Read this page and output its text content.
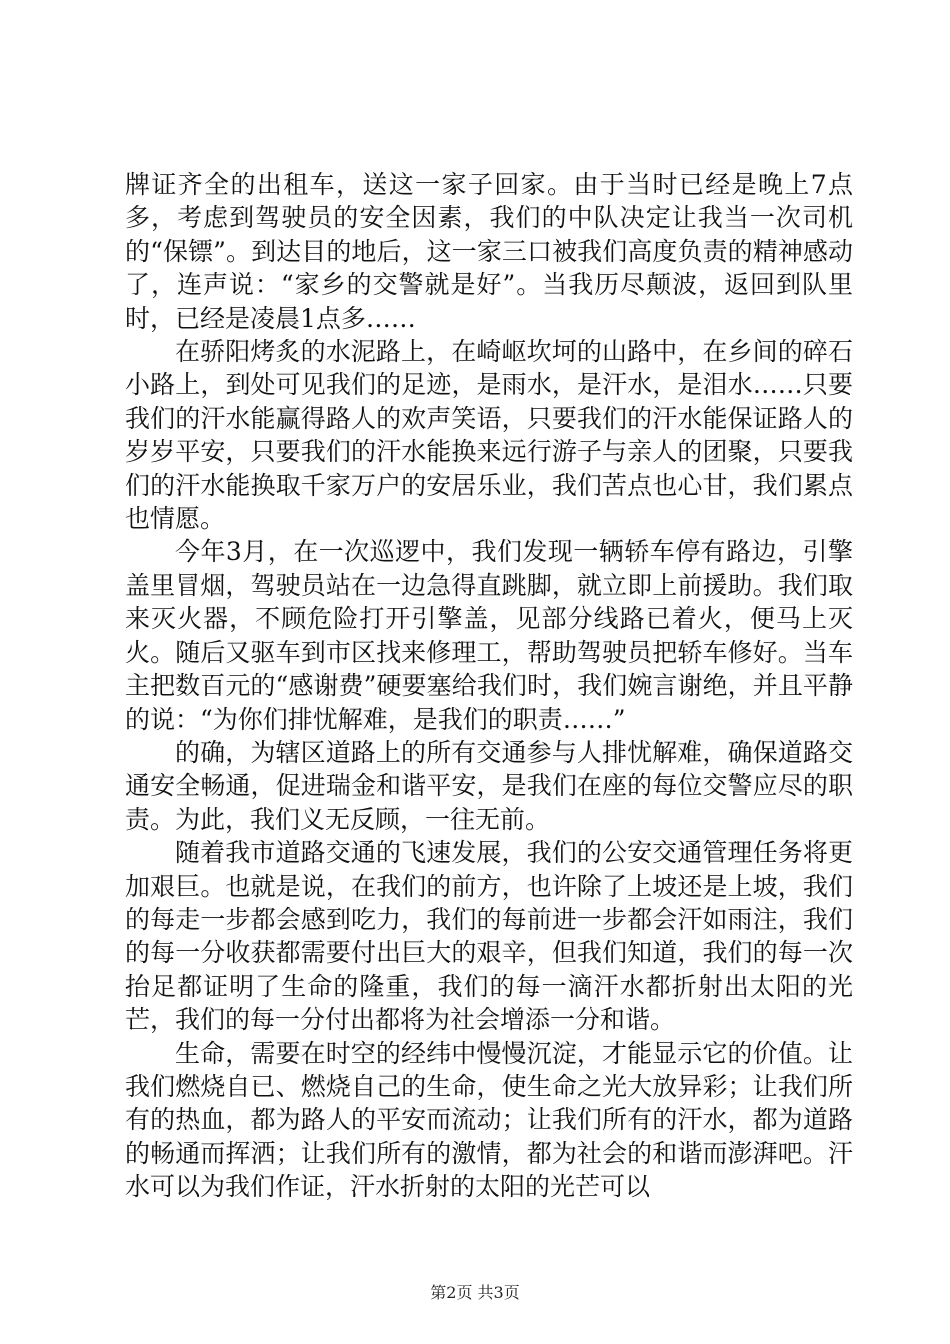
牌证齐全的出租车，送这一家子回家。由于当时已经是晚上7点多，考虑到驾驶员的安全因素，我们的中队决定让我当一次司机的“保镖”。到达目的地后，这一家三口被我们高度负责的精神感动了，连声说：“家乡的交警就是好”。当我历尽颠波，返回到队里时，已经是凌晨1点多……

在骄阳烤炙的水泥路上，在崎岖坎坷的山路中，在乡间的碎石小路上，到处可见我们的足迹，是雨水，是汗水，是泪水……只要我们的汗水能赢得路人的欢声笑语，只要我们的汗水能保证路人的岁岁平安，只要我们的汗水能换来远行游子与亲人的团聚，只要我们的汗水能换取千家万户的安居乐业，我们苦点也心甘，我们累点也情愿。

今年3月，在一次巡逻中，我们发现一辆轿车停有路边，引擎盖里冒烟，驾驶员站在一边急得直跳脚，就立即上前援助。我们取来灭火器，不顾危险打开引擎盖，见部分线路已着火，便马上灭火。随后又驱车到市区找来修理工，帮助驾驶员把轿车修好。当车主把数百元的“感谢费”硬要塞给我们时，我们婉言谢绝，并且平静的说：“为你们排忧解难，是我们的职责……”

的确，为辖区道路上的所有交通参与人排忧解难，确保道路交通安全畅通，促进瑞金和谐平安，是我们在座的每位交警应尽的职责。为此，我们义无反顾，一往无前。

随着我市道路交通的飞速发展，我们的公安交通管理任务将更加艰巨。也就是说，在我们的前方，也许除了上坡还是上坡，我们的每走一步都会感到吃力，我们的每前进一步都会汗如雨注，我们的每一分收获都需要付出巨大的艰辛，但我们知道，我们的每一次抬足都证明了生命的隆重，我们的每一滴汗水都折射出太阳的光芒，我们的每一分付出都将为社会增添一分和谐。

生命，需要在时空的经纬中慢慢沉淀，才能显示它的价值。让我们燃烧自已、燃烧自己的生命，使生命之光大放异彩；让我们所有的热血，都为路人的平安而流动；让我们所有的汗水，都为道路的畅通而挥洒；让我们所有的激情，都为社会的和谐而澎湃吧。汗水可以为我们作证，汗水折射的太阳的光芒可以

第2页 共3页
